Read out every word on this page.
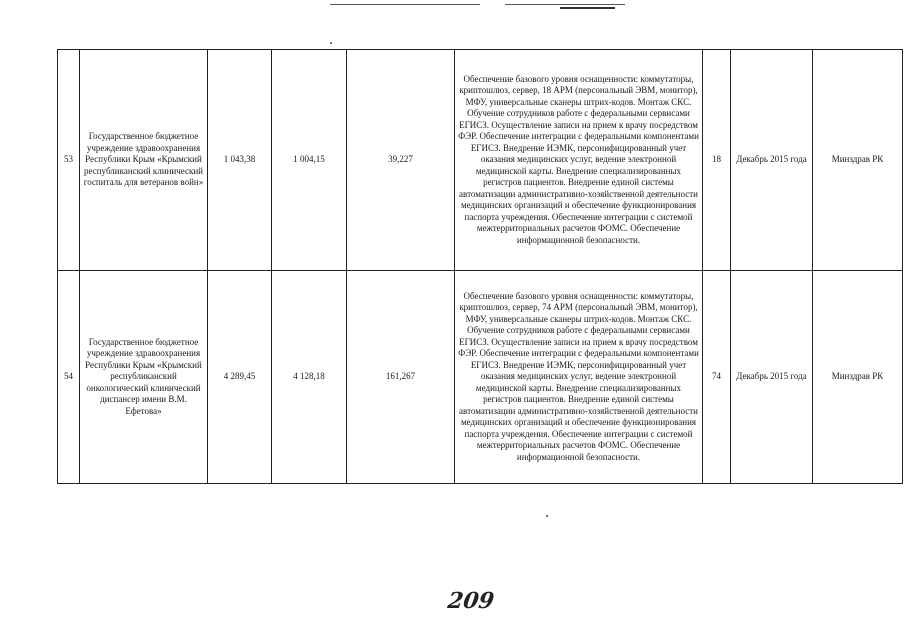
53	Государственное бюджетное учреждение здравоохранения Республики Крым «Крымский республиканский клинический госпиталь для ветеранов войн»	1 043,38	1 004,15	39,227	Обеспечение базового уровня оснащенности: коммутаторы, криптошлюз, сервер, 18 АРМ (персональный ЭВМ, монитор), МФУ, универсальные сканеры штрих-кодов. Монтаж СКС. Обучение сотрудников работе с федеральными сервисами ЕГИСЗ. Осуществление записи на прием к врачу посредством ФЭР. Обеспечение интеграции с федеральными компонентами ЕГИСЗ. Внедрение ИЭМК, персонифицированный учет оказания медицинских услуг, ведение электронной медицинской карты. Внедрение специализированных регистров пациентов. Внедрение единой системы автоматизации административно-хозяйственной деятельности медицинских организаций и обеспечение функционирования паспорта учреждения. Обеспечение интеграции с системой межтерриториальных расчетов ФОМС. Обеспечение информационной безопасности.	18	Декабрь 2015 года	Минздрав РК
54	Государственное бюджетное учреждение здравоохранения Республики Крым «Крымский республиканский онкологический клинический диспансер имени В.М. Ефетова»	4 289,45	4 128,18	161,267	Обеспечение базового уровня оснащенности: коммутаторы, криптошлюз, сервер, 74 АРМ (персональный ЭВМ, монитор), МФУ, универсальные сканеры штрих-кодов. Монтаж СКС. Обучение сотрудников работе с федеральными сервисами ЕГИСЗ. Осуществление записи на прием к врачу посредством ФЭР. Обеспечение интеграции с федеральными компонентами ЕГИСЗ. Внедрение ИЭМК, персонифицированный учет оказания медицинских услуг, ведение электронной медицинской карты. Внедрение специализированных регистров пациентов. Внедрение единой системы автоматизации административно-хозяйственной деятельности медицинских организаций и обеспечение функционирования паспорта учреждения. Обеспечение интеграции с системой межтерриториальных расчетов ФОМС. Обеспечение информационной безопасности.	74	Декабрь 2015 года	Минздрав РК
209
